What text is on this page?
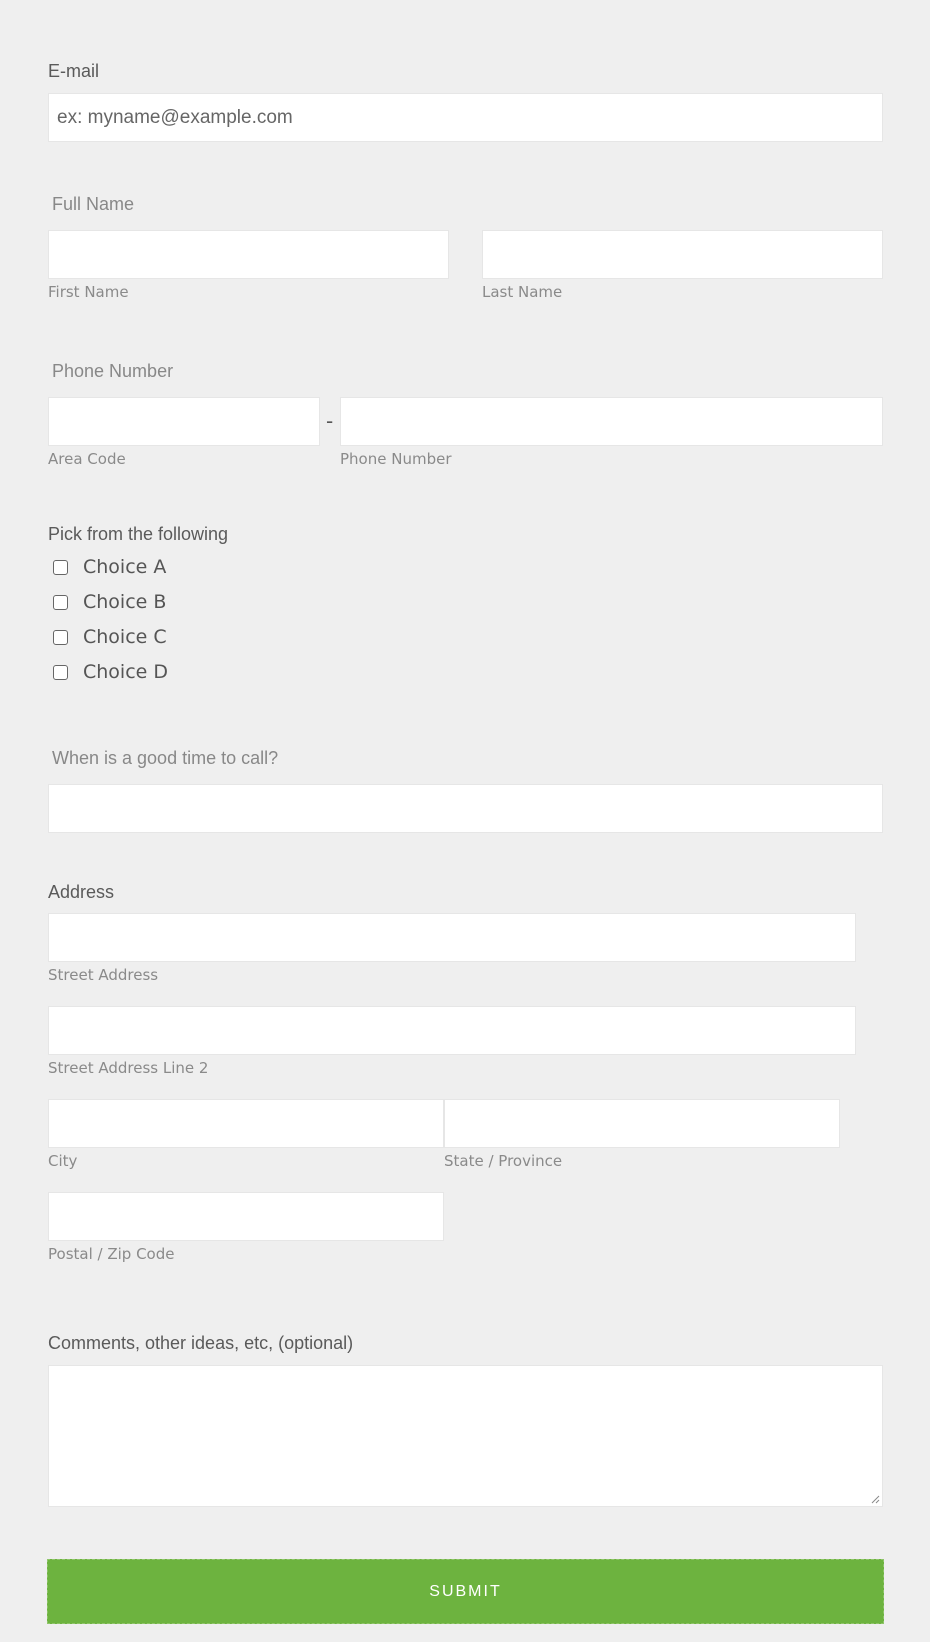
E-mail
ex: myname@example.com
Full Name
First Name	Last Name
Phone Number
-
Area Code	Phone Number
Pick from the following
Choice A
Choice B
Choice C
Choice D
When is a good time to call?
Address
Street Address
Street Address Line 2
City	State / Province
Postal / Zip Code
Comments, other ideas, etc, (optional)
SUBMIT
